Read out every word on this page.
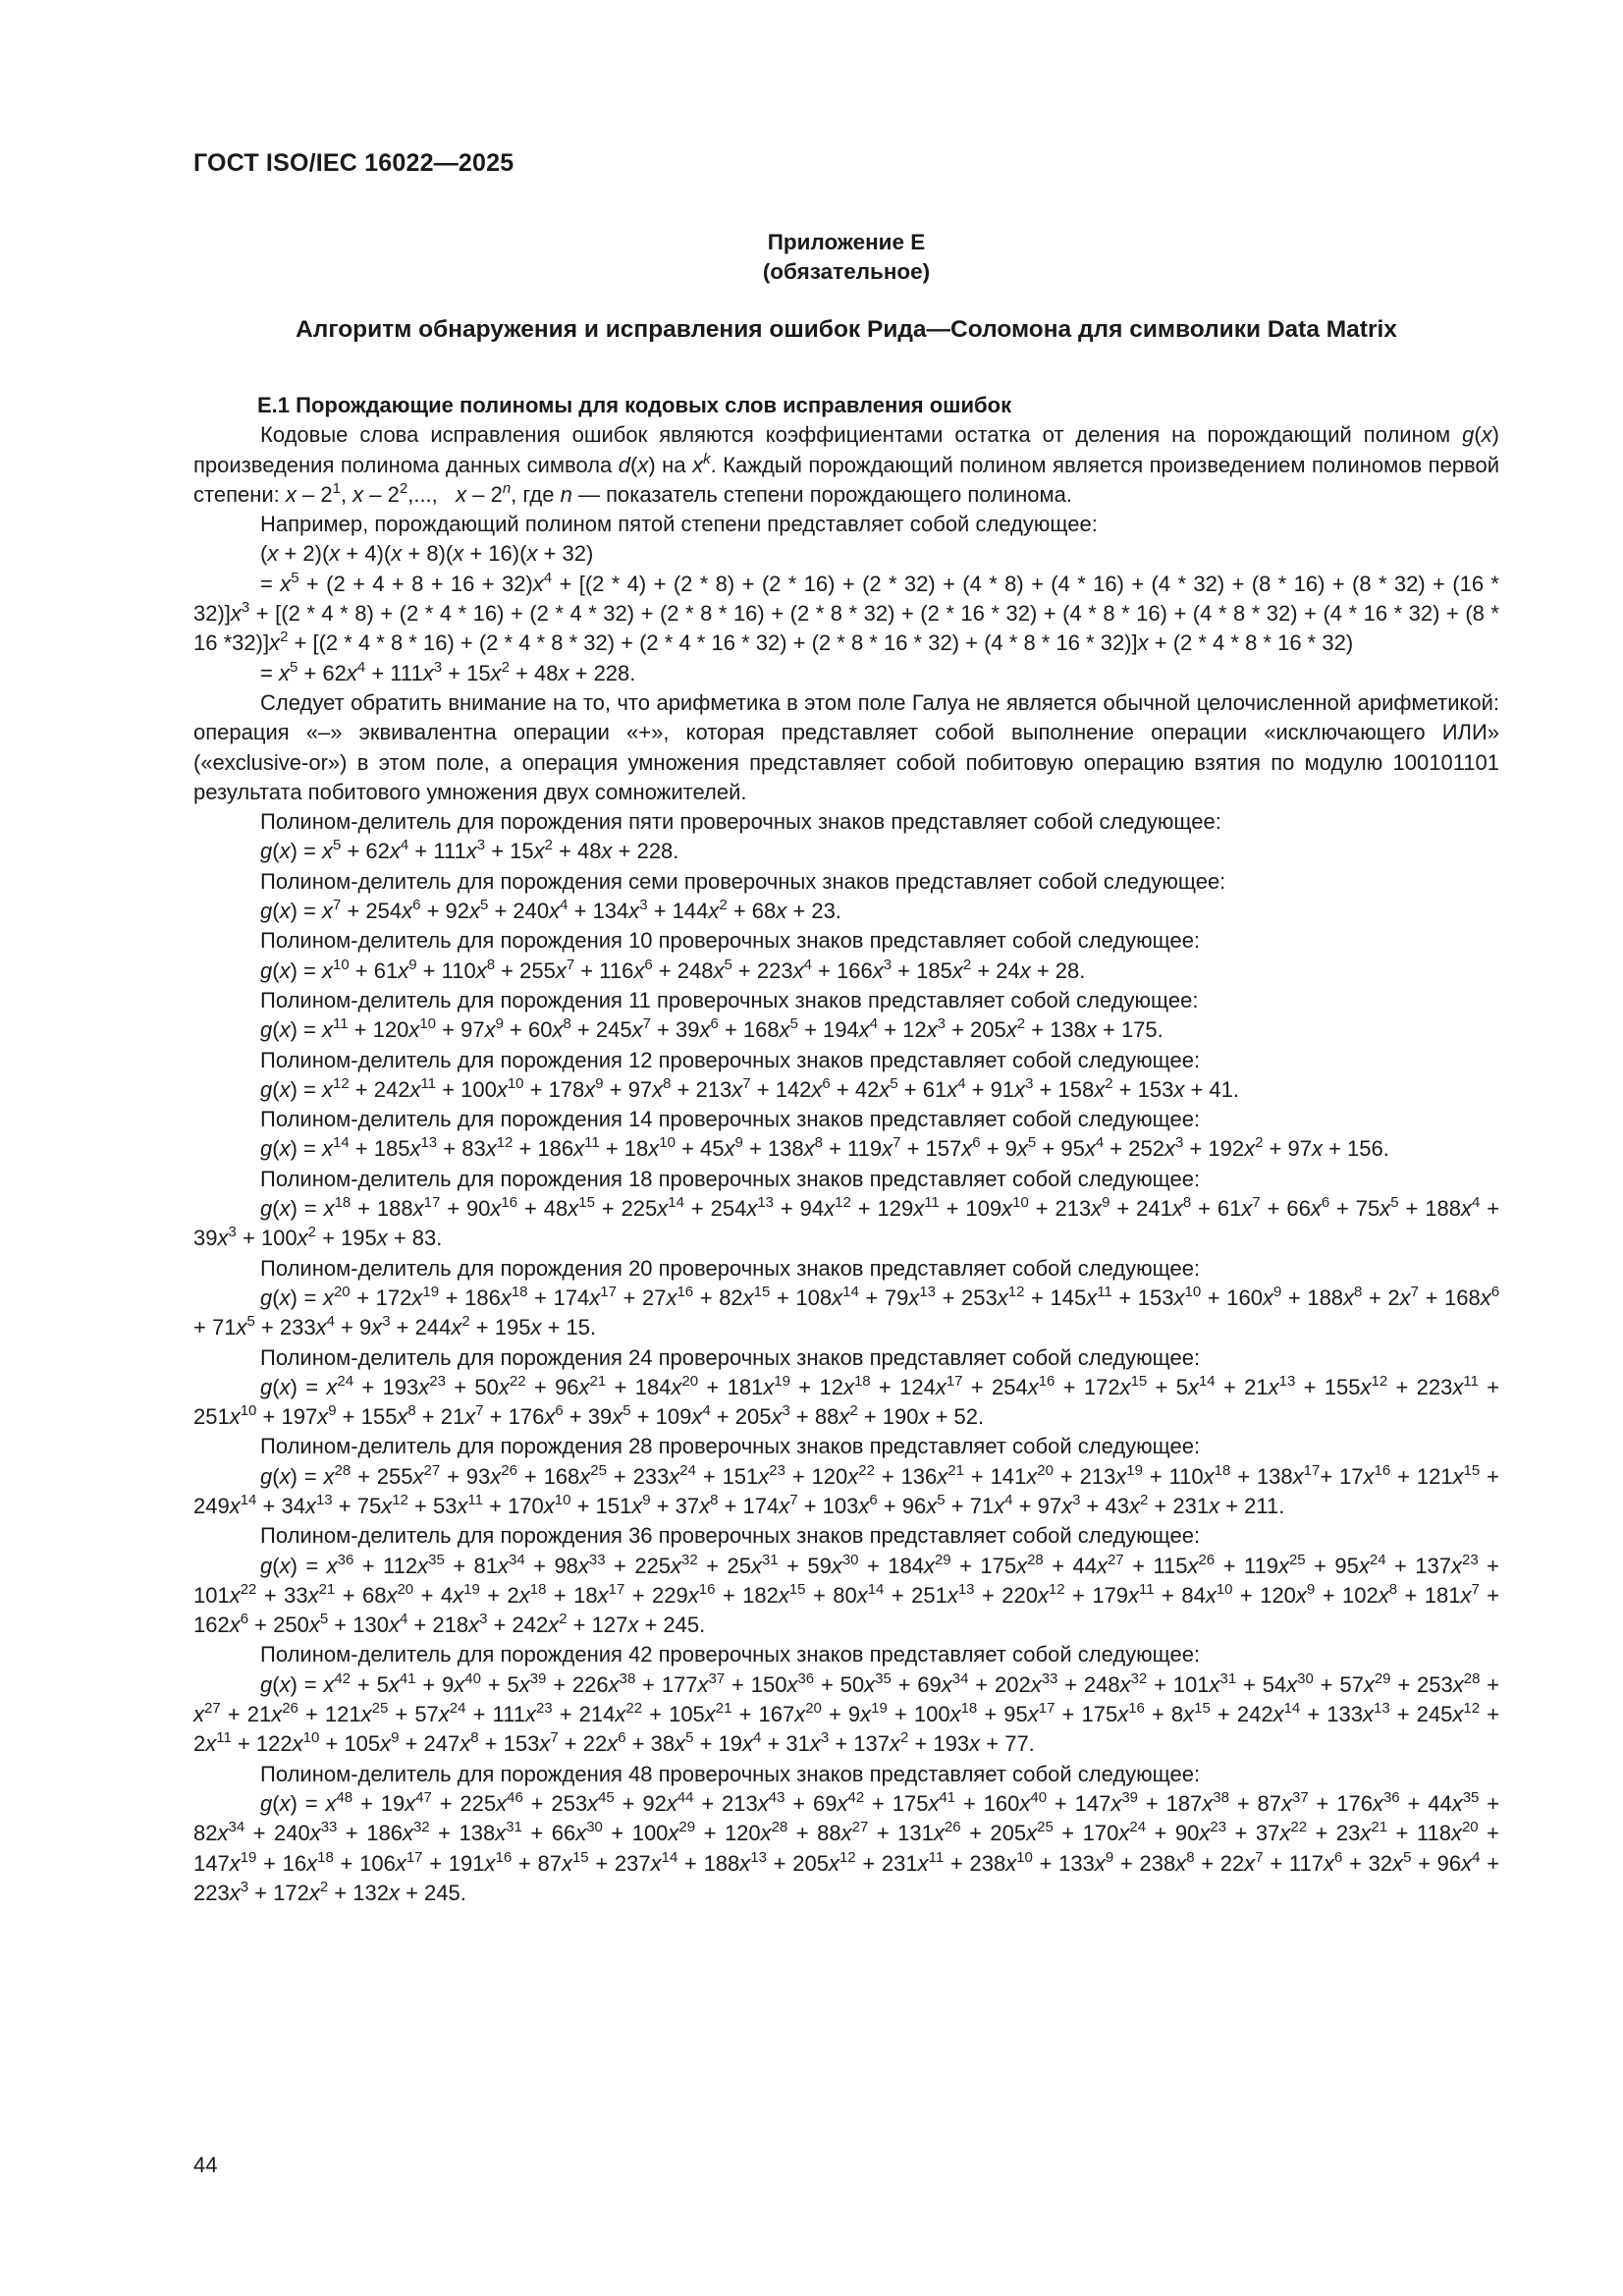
ГОСТ ISO/IEC 16022—2025
Приложение Е
(обязательное)
Алгоритм обнаружения и исправления ошибок Рида—Соломона для символики Data Matrix

Е.1 Порождающие полиномы для кодовых слов исправления ошибок

Кодовые слова исправления ошибок являются коэффициентами остатка от деления на порождающий полином g(x) произведения полинома данных символа d(x) на $x^k$. Каждый порождающий полином является произведением полиномов первой степени: x – $2^1$, x – $2^2$,...,   x – 2$^n$, где n — показатель степени порождающего полинома.

Например, порождающий полином пятой степени представляет собой следующее:

(x + 2)(x + 4)(x + 8)(x + 16)(x + 32)

= $x^5 + (2 + 4 + 8 + 16 + 32)x^4 + [(2 * 4) + (2 * 8) + (2 * 16) + (2 * 32) + (4 * 8) + (4 * 16) + (4 * 32) + (8 * 16) + (8 * 32) + (16 * 32)]x^3 + [(2 * 4 * 8) + (2 * 4$ * 16) + (2 * 4 * 32) + (2 * 8 * 16) + (2 * 8 * 32) + (2 * 16 * 32) + (4 * 8 * 16) + (4 * 8 * 32) + (4 * 16 * 32) + (8 * 16 $*32)]x^2 + [(2 * 4 * 8 * 16) + (2 * 4 * 8 * 32) + (2 * 4 * 16 * 32) + (2 * 8 * 16 * 32) + (4 * 8 * 16 * 32)]x + (2 * 4 * 8 * 16 * 32)$

= $x^5 + 62x^4 + 111x^3 + 15x^2 + 48x + 228$.

Следует обратить внимание на то, что арифметика в этом поле Галуа не является обычной целочисленной арифметикой: операция «–» эквивалентна операции «+», которая представляет собой выполнение операции «исключающего ИЛИ» («exclusive-or») в этом поле, а операция умножения представляет собой побитовую операцию взятия по модулю 100101101 результата побитового умножения двух сомножителей.

Полином-делитель для порождения пяти проверочных знаков представляет собой следующее:

$g(x) = x^5 + 62x^4 + 111x^3 + 15x^2 + 48x + 228$.

Полином-делитель для порождения семи проверочных знаков представляет собой следующее:

$g(x) = x^7 + 254x^6 + 92x^5 + 240x^4 + 134x^3 + 144x^2 + 68x + 23$.

Полином-делитель для порождения 10 проверочных знаков представляет собой следующее:

$g(x) = x^{10} + 61x^9 + 110x^8 + 255x^7 + 116x^6 + 248x^5 + 223x^4 + 166x^3 + 185x^2 + 24x + 28$.

Полином-делитель для порождения 11 проверочных знаков представляет собой следующее:

$g(x) = x^{11} + 120x^{10} + 97x^9 + 60x^8 + 245x^7 + 39x^6 + 168x^5 + 194x^4 + 12x^3 + 205x^2 + 138x + 175$.

Полином-делитель для порождения 12 проверочных знаков представляет собой следующее:

$g(x) = x^{12} + 242x^{11} + 100x^{10} + 178x^9 + 97x^8 + 213x^7 + 142x^6 + 42x^5 + 61x^4 + 91x^3 + 158x^2 + 153x + 41$.

Полином-делитель для порождения 14 проверочных знаков представляет собой следующее:

$g(x) = x^{14} + 185x^{13} + 83x^{12} + 186x^{11} + 18x^{10} + 45x^9 + 138x^8 + 119x^7 + 157x^6 + 9x^5 + 95x^4 + 252x^3 + 192x^2 + 97x + 156$.

Полином-делитель для порождения 18 проверочных знаков представляет собой следующее:

$g(x) = x^{18} + 188x^{17} + 90x^{16} + 48x^{15} + 225x^{14} + 254x^{13} + 94x^{12} + 129x^{11} + 109x^{10} + 213x^9 + 241x^8 + 61x^7 + 66x^6 + 75x^5 + 188x^4 + 39x^3 + 100x^2 + 195x + 83$.

Полином-делитель для порождения 20 проверочных знаков представляет собой следующее:

$g(x) = x^{20} + 172x^{19} + 186x^{18} + 174x^{17} + 27x^{16} + 82x^{15} + 108x^{14} + 79x^{13} + 253x^{12} + 145x^{11} + 153x^{10} + 160x^9 + 188x^8 + 2x^7 + 168x^6 + 71x^5 + 233x^4 + 9x^3 + 244x^2 + 195x + 15$.

Полином-делитель для порождения 24 проверочных знаков представляет собой следующее:

$g(x) = x^{24} + 193x^{23} + 50x^{22} + 96x^{21} + 184x^{20} + 181x^{19} + 12x^{18} + 124x^{17} + 254x^{16} + 172x^{15} + 5x^{14} + 21x^{13} + 155x^{12} + 223x^{11} + 251x^{10} + 197x^9 + 155x^8 + 21x^7 + 176x^6 + 39x^5 + 109x^4 + 205x^3 + 88x^2 + 190x + 52$.

Полином-делитель для порождения 28 проверочных знаков представляет собой следующее:

$g(x) = x^{28} + 255x^{27} + 93x^{26} + 168x^{25} + 233x^{24} + 151x^{23} + 120x^{22} + 136x^{21} + 141x^{20} + 213x^{19} + 110x^{18} + 138x^{17}+ 17x^{16} + 121x^{15} + 249x^{14} + 34x^{13} + 75x^{12} + 53x^{11} + 170x^{10} + 151x^9 + 37x^8 + 174x^7 + 103x^6 + 96x^5 + 71x^4 + 97x^3 + 43x^2 + 231x + 211$.

Полином-делитель для порождения 36 проверочных знаков представляет собой следующее:

g(x) = $x^{36} + 112x^{35} + 81x^{34} + 98x^{33} + 225x^{32} + 25x^{31} + 59x^{30} + 184x^{29} + 175x^{28} + 44x^{27} + 115x^{26} + 119x^{25} + 95x^{24} + 137x^{23} + 101x^{22} + 33x^{21} + 68x^{20} + 4x^{19} + 2x^{18} + 18x^{17} + 229x^{16} + 182x^{15} + 80x^{14} + 251x^{13} + 220x^{12} + 179x^{11} + 84x^{10} + 120x^9 + 102x^8 + 181x^7 + 162x^6$ + $250x^5 + 130x^4 + 218x^3 + 242x^2 + 127x + 245$.

Полином-делитель для порождения 42 проверочных знаков представляет собой следующее:

g(x) = $x^{42} + 5x^{41} + 9x^{40} + 5x^{39} + 226x^{38} + 177x^{37} + 150x^{36} + 50x^{35} + 69x^{34} + 202x^{33} + 248x^{32} + 101x^{31} + 54x^{30} + 57x^{29} + 253x^{28} + x^{27} + 21x^{26} + 121x^{25} + 57x^{24} + 111x^{23} + 214x^{22} + 105x^{21} + 167x^{20} + 9x^{19} + 100x^{18} + 95x^{17} + 175x^{16} + 8x^{15} + 242x^{14} + 133x^{13} + 245x^{12}$ + $2x^{11} + 122x^{10} + 105x^9 + 247x^8 + 153x^7 + 22x^6 + 38x^5 + 19x^4 + 31x^3 + 137x^2 + 193x + 77$.

Полином-делитель для порождения 48 проверочных знаков представляет собой следующее:

g(x) = $x^{48} + 19x^{47} + 225x^{46} + 253x^{45} + 92x^{44} + 213x^{43} + 69x^{42} + 175x^{41} + 160x^{40} + 147x^{39} + 187x^{38} + 87x^{37} + 176x^{36} + 44x^{35} + 82x^{34} + 240x^{33} + 186x^{32} + 138x^{31} + 66x^{30} + 100x^{29} + 120x^{28} + 88x^{27} + 131x^{26} + 205x^{25} + 170x^{24} + 90x^{23} + 37x^{22} + 23x^{21} + 118x^{20} + 147x^{19} + 16x^{18}$ + $106x^{17} + 191x^{16} + 87x^{15} + 237x^{14} + 188x^{13} + 205x^{12} + 231x^{11} + 238x^{10} + 133x^9 + 238x^8 + 22x^7 + 117x^6 + 32x^5 + 96x^4 + 223x^3 + 172x^2 + 132x + 245$.

44
